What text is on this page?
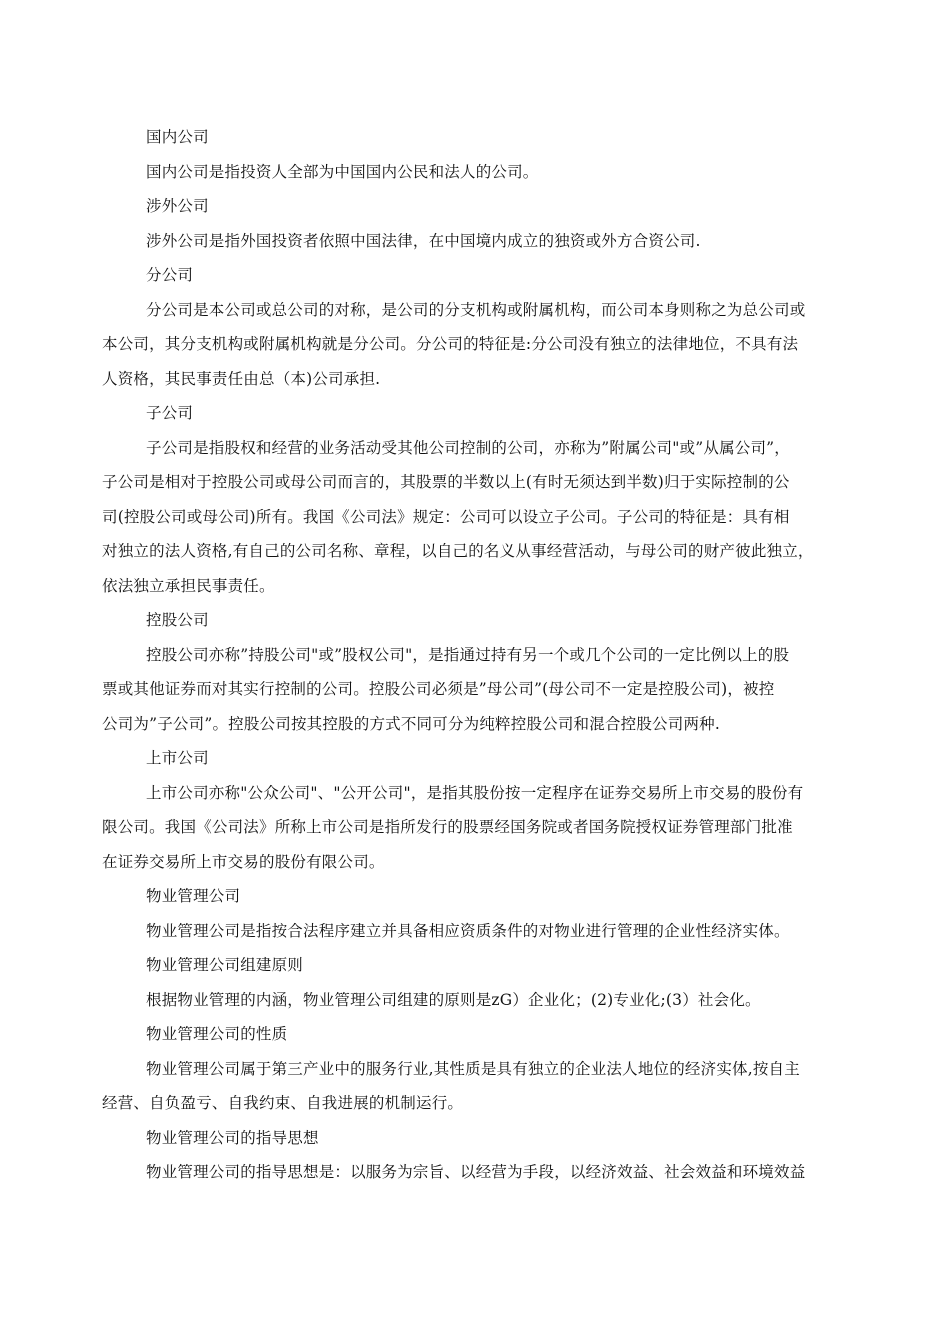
国内公司
国内公司是指投资人全部为中国国内公民和法人的公司。
涉外公司
涉外公司是指外国投资者依照中国法律，在中国境内成立的独资或外方合资公司.
分公司
分公司是本公司或总公司的对称，是公司的分支机构或附属机构，而公司本身则称之为总公司或
本公司，其分支机构或附属机构就是分公司。分公司的特征是:分公司没有独立的法律地位，不具有法
人资格，其民事责任由总（本)公司承担.
子公司
子公司是指股权和经营的业务活动受其他公司控制的公司，亦称为”附属公司"或”从属公司”，
子公司是相对于控股公司或母公司而言的，其股票的半数以上(有时无须达到半数)归于实际控制的公
司(控股公司或母公司)所有。我国《公司法》规定：公司可以设立子公司。子公司的特征是：具有相
对独立的法人资格,有自己的公司名称、章程，以自己的名义从事经营活动，与母公司的财产彼此独立，
依法独立承担民事责任。
控股公司
控股公司亦称”持股公司"或”股权公司"，是指通过持有另一个或几个公司的一定比例以上的股
票或其他证券而对其实行控制的公司。控股公司必须是”母公司”(母公司不一定是控股公司)，被控
公司为”子公司”。控股公司按其控股的方式不同可分为纯粹控股公司和混合控股公司两种.
上市公司
上市公司亦称"公众公司"、"公开公司"，是指其股份按一定程序在证券交易所上市交易的股份有
限公司。我国《公司法》所称上市公司是指所发行的股票经国务院或者国务院授权证券管理部门批准
在证券交易所上市交易的股份有限公司。
物业管理公司
物业管理公司是指按合法程序建立并具备相应资质条件的对物业进行管理的企业性经济实体。
物业管理公司组建原则
根据物业管理的内涵，物业管理公司组建的原则是zG）企业化；(2)专业化;(3）社会化。
物业管理公司的性质
物业管理公司属于第三产业中的服务行业,其性质是具有独立的企业法人地位的经济实体,按自主
经营、自负盈亏、自我约束、自我进展的机制运行。
物业管理公司的指导思想
物业管理公司的指导思想是：以服务为宗旨、以经营为手段，以经济效益、社会效益和环境效益
